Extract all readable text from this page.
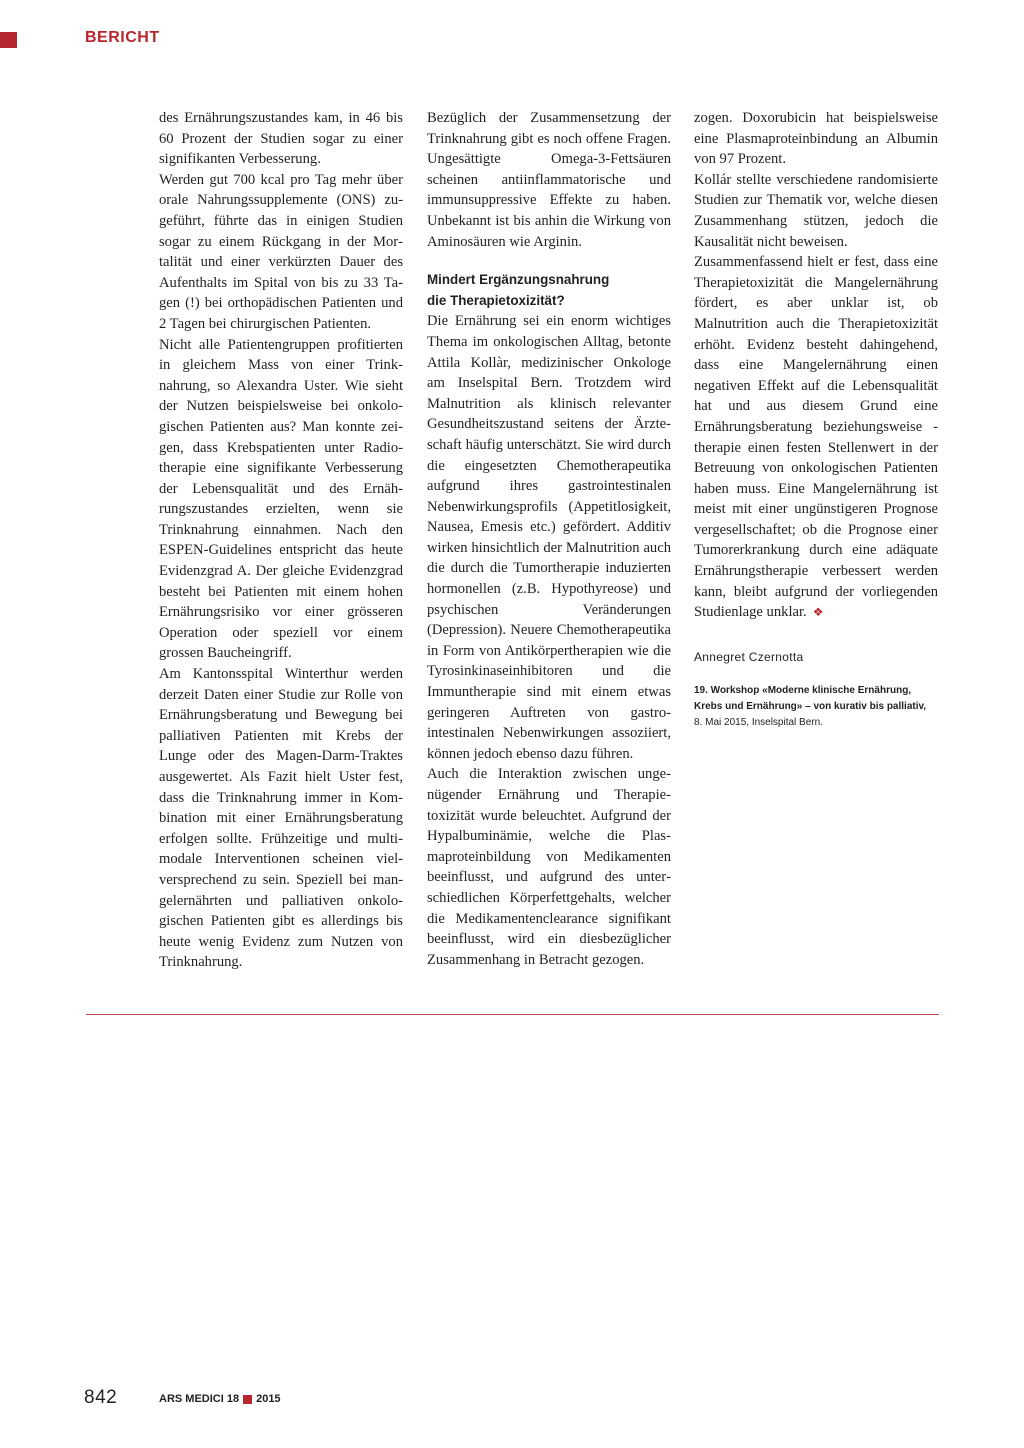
BERICHT

des Ernährungszustandes kam, in 46 bis 60 Prozent der Studien sogar zu einer signifikanten Verbesserung.

Werden gut 700 kcal pro Tag mehr über orale Nahrungssupplemente (ONS) zugeführt, führte das in einigen Studien sogar zu einem Rückgang in der Mortalität und einer verkürzten Dauer des Aufenthalts im Spital von bis zu 33 Tagen (!) bei orthopädischen Patienten und 2 Tagen bei chirurgischen Patienten.

Nicht alle Patientengruppen profitierten in gleichem Mass von einer Trinknahrung, so Alexandra Uster. Wie sieht der Nutzen beispielsweise bei onkologischen Patienten aus? Man konnte zeigen, dass Krebspatienten unter Radiotherapie eine signifikante Verbesserung der Lebensqualität und des Ernährungszustandes erzielten, wenn sie Trinknahrung einnahmen. Nach den ESPEN-Guidelines entspricht das heute Evidenzgrad A. Der gleiche Evidenzgrad besteht bei Patienten mit einem hohen Ernährungsrisiko vor einer grösseren Operation oder speziell vor einem grossen Baucheingriff.

Am Kantonsspital Winterthur werden derzeit Daten einer Studie zur Rolle von Ernährungsberatung und Bewegung bei palliativen Patienten mit Krebs der Lunge oder des Magen-Darm-Traktes ausgewertet. Als Fazit hielt Uster fest, dass die Trinknahrung immer in Kombination mit einer Ernährungsberatung erfolgen sollte. Frühzeitige und multimodale Interventionen scheinen vielversprechend zu sein. Speziell bei mangelernährten und palliativen onkologischen Patienten gibt es allerdings bis heute wenig Evidenz zum Nutzen von Trinknahrung.

Bezüglich der Zusammensetzung der Trinknahrung gibt es noch offene Fragen. Ungesättigte Omega-3-Fettsäuren scheinen antiinflammatorische und immunsuppressive Effekte zu haben. Unbekannt ist bis anhin die Wirkung von Aminosäuren wie Arginin.

Mindert Ergänzungsnahrung
die Therapietoxizität?

Die Ernährung sei ein enorm wichtiges Thema im onkologischen Alltag, betonte Attila Kollàr, medizinischer Onkologe am Inselspital Bern. Trotzdem wird Malnutrition als klinisch relevanter Gesundheitszustand seitens der Ärzteschaft häufig unterschätzt. Sie wird durch die eingesetzten Chemotherapeutika aufgrund ihres gastrointestinalen Nebenwirkungsprofils (Appetitlosigkeit, Nausea, Emesis etc.) gefördert. Additiv wirken hinsichtlich der Malnutrition auch die durch die Tumortherapie induzierten hormonellen (z.B. Hypothyreose) und psychischen Veränderungen (Depression). Neuere Chemotherapeutika in Form von Antikörpertherapien wie die Tyrosinkinaseinhibitoren und die Immuntherapie sind mit einem etwas geringeren Auftreten von gastrointestinalen Nebenwirkungen assoziiert, können jedoch ebenso dazu führen.

Auch die Interaktion zwischen ungenügender Ernährung und Therapietoxizität wurde beleuchtet. Aufgrund der Hypalbuminämie, welche die Plasmaproteinbildung von Medikamenten beeinflusst, und aufgrund des unterschiedlichen Körperfettgehalts, welcher die Medikamentenclearance signifikant beeinflusst, wird ein diesbezüglicher Zusammenhang in Betracht gezogen.

zogen. Doxorubicin hat beispielsweise eine Plasmaproteinbindung an Albumin von 97 Prozent.

Kollár stellte verschiedene randomisierte Studien zur Thematik vor, welche diesen Zusammenhang stützen, jedoch die Kausalität nicht beweisen.

Zusammenfassend hielt er fest, dass eine Therapietoxizität die Mangelernährung fördert, es aber unklar ist, ob Malnutrition auch die Therapietoxizität erhöht. Evidenz besteht dahingehend, dass eine Mangelernährung einen negativen Effekt auf die Lebensqualität hat und aus diesem Grund eine Ernährungsberatung beziehungsweise -therapie einen festen Stellenwert in der Betreuung von onkologischen Patienten haben muss. Eine Mangelernährung ist meist mit einer ungünstigeren Prognose vergesellschaftet; ob die Prognose einer Tumorerkrankung durch eine adäquate Ernährungstherapie verbessert werden kann, bleibt aufgrund der vorliegenden Studienlage unklar. ❖

Annegret Czernotta
19. Workshop «Moderne klinische Ernährung,
Krebs und Ernährung» – von kurativ bis palliativ,
8. Mai 2015, Inselspital Bern.
842	ARS MEDICI 18 2015
